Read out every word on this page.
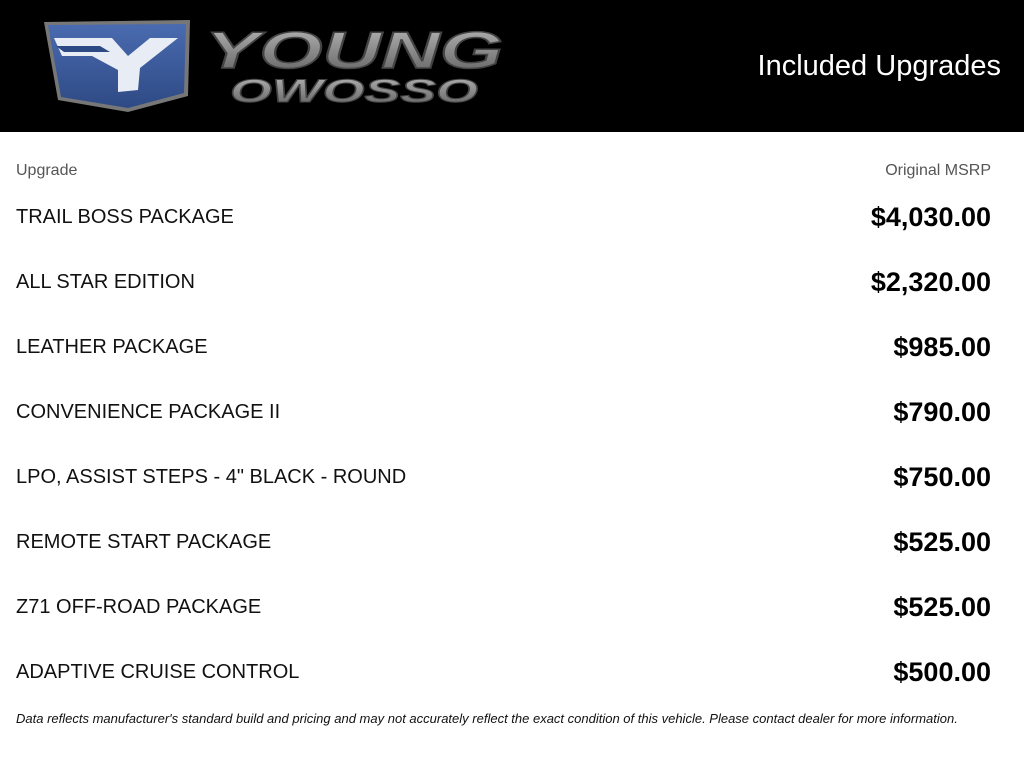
YOUNG
OWOSSO
Included Upgrades
Upgrade	Original MSRP
TRAIL BOSS PACKAGE	$4,030.00
ALL STAR EDITION	$2,320.00
LEATHER PACKAGE	$985.00
CONVENIENCE PACKAGE II	$790.00
LPO, ASSIST STEPS - 4" BLACK - ROUND	$750.00
REMOTE START PACKAGE	$525.00
Z71 OFF-ROAD PACKAGE	$525.00
ADAPTIVE CRUISE CONTROL	$500.00
Data reflects manufacturer's standard build and pricing and may not accurately reflect the exact condition of this vehicle. Please contact dealer for more information.
